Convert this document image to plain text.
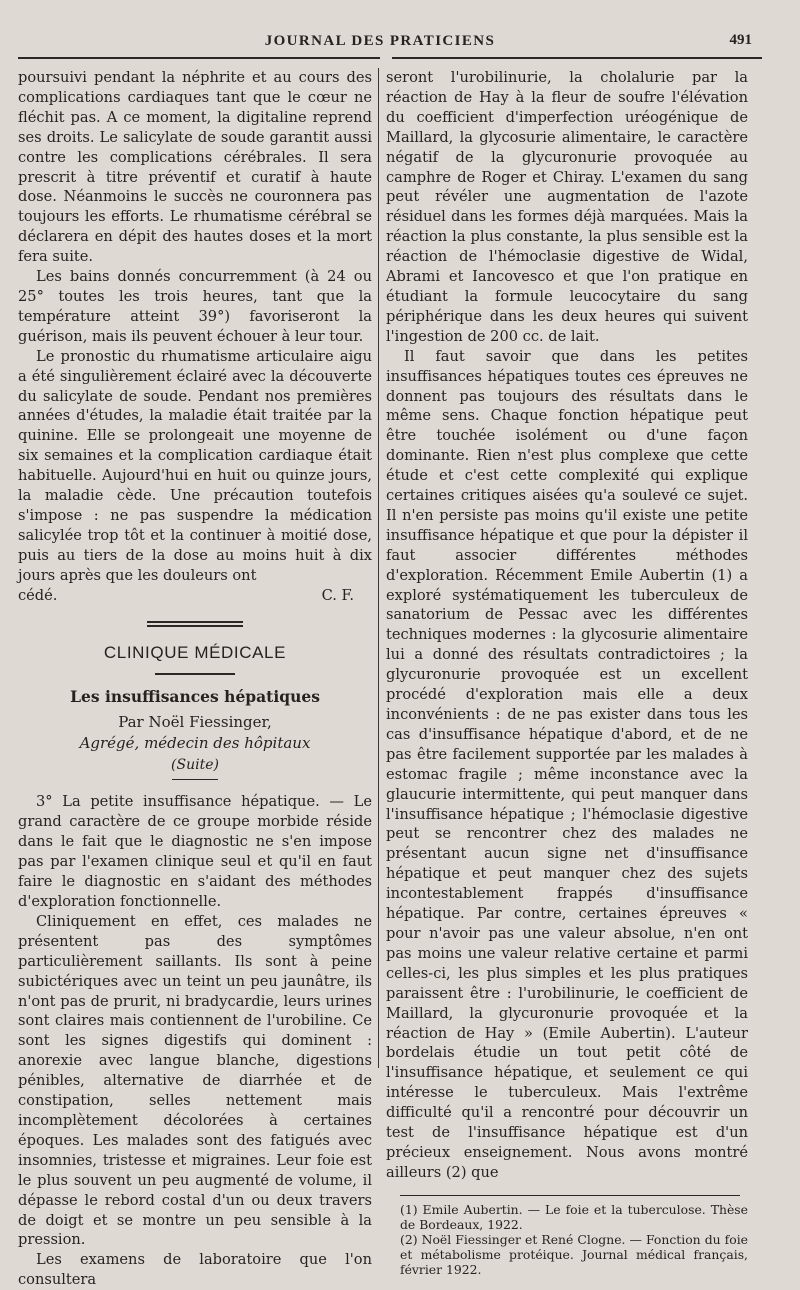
JOURNAL DES PRATICIENS	491

poursuivi pendant la néphrite et au cours des complications cardiaques tant que le cœur ne fléchit pas. A ce moment, la digitaline reprend ses droits. Le salicylate de soude garantit aussi contre les complications cérébrales. Il sera prescrit à titre préventif et curatif à haute dose. Néanmoins le succès ne couronnera pas toujours les efforts. Le rhumatisme cérébral se déclarera en dépit des hautes doses et la mort fera suite.

Les bains donnés concurremment (à 24 ou 25° toutes les trois heures, tant que la température atteint 39°) favoriseront la guérison, mais ils peuvent échouer à leur tour.

Le pronostic du rhumatisme articulaire aigu a été singulièrement éclairé avec la découverte du salicylate de soude. Pendant nos premières années d'études, la maladie était traitée par la quinine. Elle se prolongeait une moyenne de six semaines et la complication cardiaque était habituelle. Aujourd'hui en huit ou quinze jours, la maladie cède. Une précaution toutefois s'impose : ne pas suspendre la médication salicylée trop tôt et la continuer à moitié dose, puis au tiers de la dose au moins huit à dix jours après que les douleurs ont

cédé.	C. F.
CLINIQUE MÉDICALE
Les insuffisances hépatiques
Par Noël Fiessinger,
Agrégé, médecin des hôpitaux
(Suite)

3° La petite insuffisance hépatique. — Le grand caractère de ce groupe morbide réside dans le fait que le diagnostic ne s'en impose pas par l'examen clinique seul et qu'il en faut faire le diagnostic en s'aidant des méthodes d'exploration fonctionnelle.

Cliniquement en effet, ces malades ne présentent pas des symptômes particulièrement saillants. Ils sont à peine subictériques avec un teint un peu jaunâtre, ils n'ont pas de prurit, ni bradycardie, leurs urines sont claires mais contiennent de l'urobiline. Ce sont les signes digestifs qui dominent : anorexie avec langue blanche, digestions pénibles, alternative de diarrhée et de constipation, selles nettement mais incomplètement décolorées à certaines époques. Les malades sont des fatigués avec insomnies, tristesse et migraines. Leur foie est le plus souvent un peu augmenté de volume, il dépasse le rebord costal d'un ou deux travers de doigt et se montre un peu sensible à la pression.

Les examens de laboratoire que l'on consultera

seront l'urobilinurie, la cholalurie par la réaction de Hay à la fleur de soufre l'élévation du coefficient d'imperfection uréogénique de Maillard, la glycosurie alimentaire, le caractère négatif de la glycuronurie provoquée au camphre de Roger et Chiray. L'examen du sang peut révéler une augmentation de l'azote résiduel dans les formes déjà marquées. Mais la réaction la plus constante, la plus sensible est la réaction de l'hémoclasie digestive de Widal, Abrami et Iancovesco et que l'on pratique en étudiant la formule leucocytaire du sang périphérique dans les deux heures qui suivent l'ingestion de 200 cc. de lait.

Il faut savoir que dans les petites insuffisances hépatiques toutes ces épreuves ne donnent pas toujours des résultats dans le même sens. Chaque fonction hépatique peut être touchée isolément ou d'une façon dominante. Rien n'est plus complexe que cette étude et c'est cette complexité qui explique certaines critiques aisées qu'a soulevé ce sujet. Il n'en persiste pas moins qu'il existe une petite insuffisance hépatique et que pour la dépister il faut associer différentes méthodes d'exploration. Récemment Emile Aubertin (1) a exploré systématiquement les tuberculeux de sanatorium de Pessac avec les différentes techniques modernes : la glycosurie alimentaire lui a donné des résultats contradictoires ; la glycuronurie provoquée est un excellent procédé d'exploration mais elle a deux inconvénients : de ne pas exister dans tous les cas d'insuffisance hépatique d'abord, et de ne pas être facilement supportée par les malades à estomac fragile ; même inconstance avec la glaucurie intermittente, qui peut manquer dans l'insuffisance hépatique ; l'hémoclasie digestive peut se rencontrer chez des malades ne présentant aucun signe net d'insuffisance hépatique et peut manquer chez des sujets incontestablement frappés d'insuffisance hépatique. Par contre, certaines épreuves « pour n'avoir pas une valeur absolue, n'en ont pas moins une valeur relative certaine et parmi celles-ci, les plus simples et les plus pratiques paraissent être : l'urobilinurie, le coefficient de Maillard, la glycuronurie provoquée et la réaction de Hay » (Emile Aubertin). L'auteur bordelais étudie un tout petit côté de l'insuffisance hépatique, et seulement ce qui intéresse le tuberculeux. Mais l'extrême difficulté qu'il a rencontré pour découvrir un test de l'insuffisance hépatique est d'un précieux enseignement. Nous avons montré ailleurs (2) que

(1) Emile Aubertin. — Le foie et la tuberculose. Thèse de Bordeaux, 1922.

(2) Noël Fiessinger et René Clogne. — Fonction du foie et métabolisme protéique. Journal médical français, février 1922.
